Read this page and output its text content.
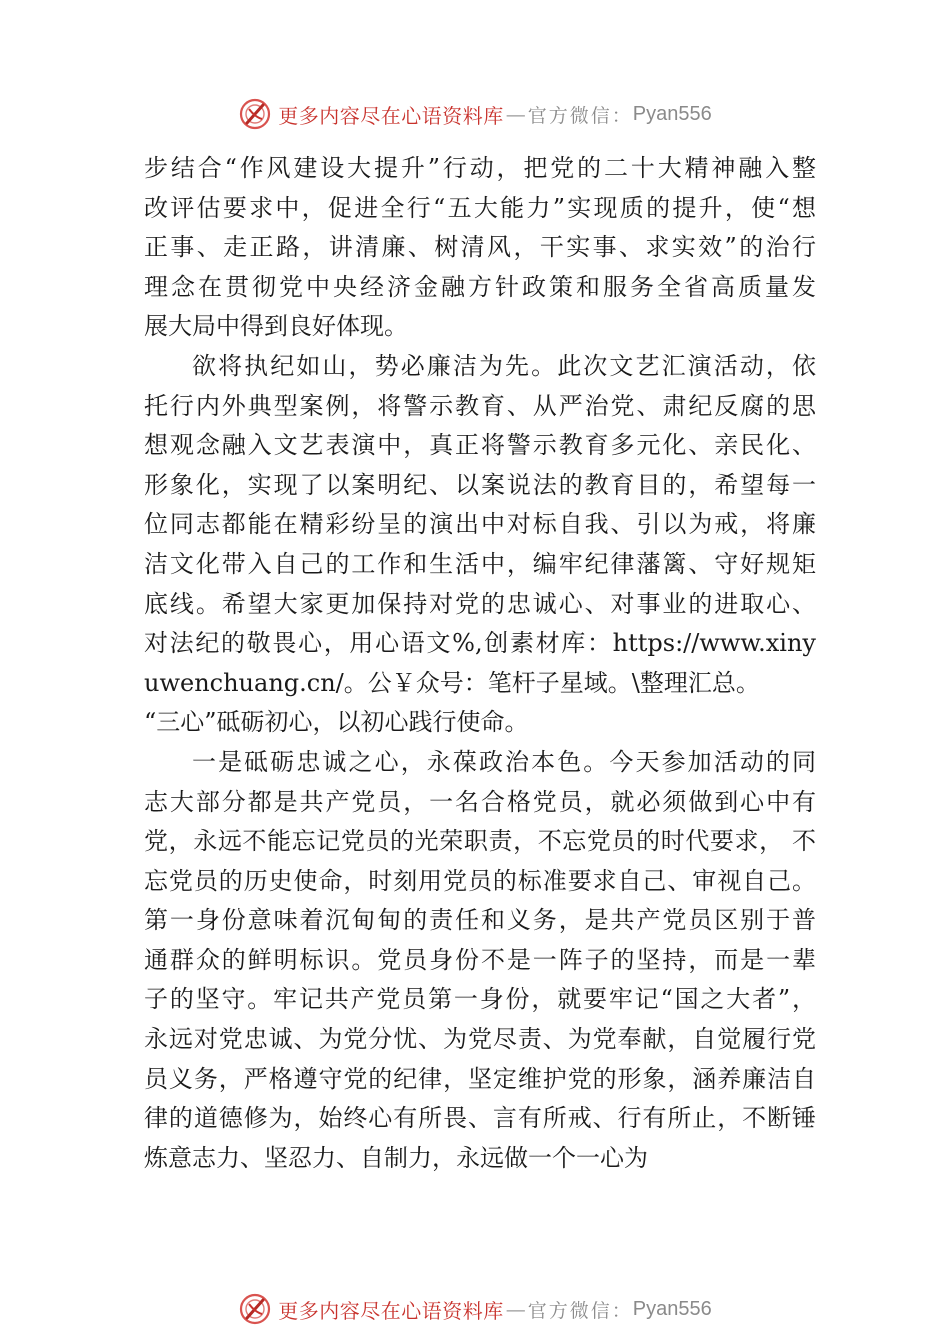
更多内容尽在心语资料库 — 官方微信： Pyan556
步结合“作风建设大提升”行动，把党的二十大精神融入整
改评估要求中，促进全行“五大能力”实现质的提升，使“想
正事、走正路，讲清廉、树清风，干实事、求实效”的治行
理念在贯彻党中央经济金融方针政策和服务全省高质量发
展大局中得到良好体现。
欲将执纪如山，势必廉洁为先。此次文艺汇演活动，依
托行内外典型案例，将警示教育、从严治党、肃纪反腐的思
想观念融入文艺表演中，真正将警示教育多元化、亲民化、
形象化，实现了以案明纪、以案说法的教育目的，希望每一
位同志都能在精彩纷呈的演出中对标自我、引以为戒，将廉
洁文化带入自己的工作和生活中，编牢纪律藩篱、守好规矩
底线。希望大家更加保持对党的忠诚心、对事业的进取心、
对法纪的敬畏心，用心语文%,创素材库：https://www.xiny
uwenchuang.cn/。公￥众号：笔杆子星域。\整理汇总。
“三心”砥砺初心，以初心践行使命。
一是砥砺忠诚之心，永葆政治本色。今天参加活动的同
志大部分都是共产党员，一名合格党员，就必须做到心中有
党，永远不能忘记党员的光荣职责，不忘党员的时代要求， 不
忘党员的历史使命，时刻用党员的标准要求自己、审视自己。
第一身份意味着沉甸甸的责任和义务，是共产党员区别于普
通群众的鲜明标识。党员身份不是一阵子的坚持，而是一辈
子的坚守。牢记共产党员第一身份，就要牢记“国之大者”，
永远对党忠诚、为党分忧、为党尽责、为党奉献，自觉履行党
员义务，严格遵守党的纪律，坚定维护党的形象，涵养廉洁自
律的道德修为，始终心有所畏、言有所戒、行有所止，不断锤
炼意志力、坚忍力、自制力，永远做一个一心为
更多内容尽在心语资料库 — 官方微信： Pyan556
